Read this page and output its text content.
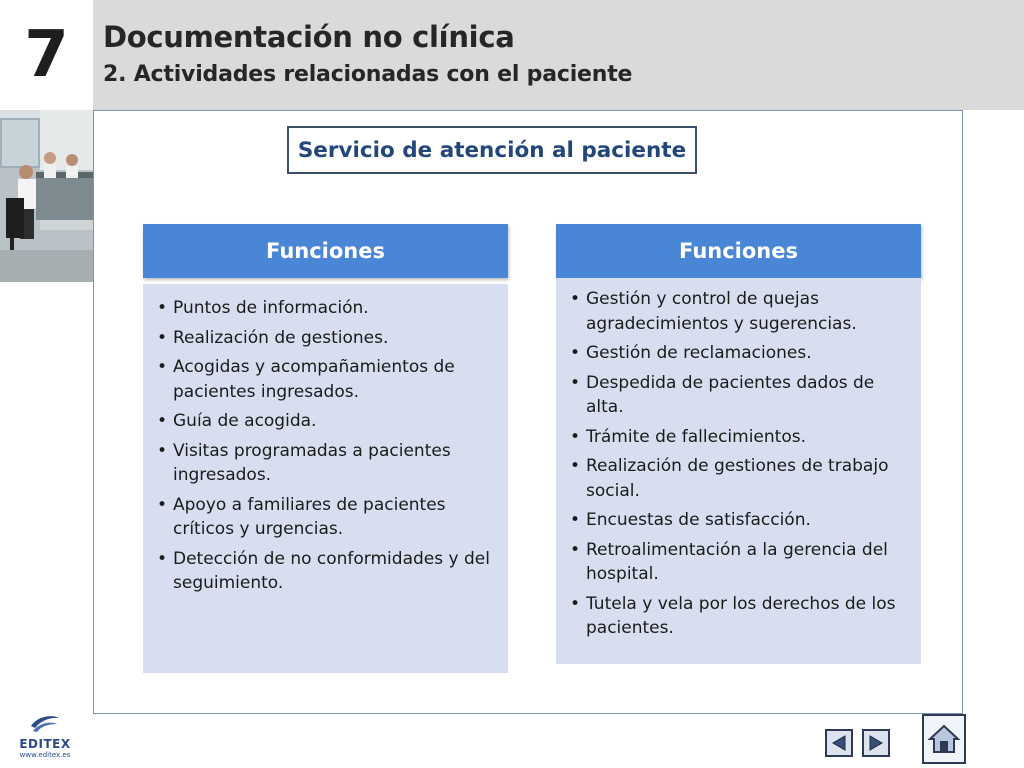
7	Documentación no clínica
2. Actividades relacionadas con el paciente
Servicio de atención al paciente
Funciones
• Puntos de información.
• Realización de gestiones.
• Acogidas y acompañamientos de pacientes ingresados.
• Guía de acogida.
• Visitas programadas a pacientes ingresados.
• Apoyo a familiares de pacientes críticos y urgencias.
• Detección de no conformidades y del seguimiento.
Funciones
• Gestión y control de quejas agradecimientos y sugerencias.
• Gestión de reclamaciones.
• Despedida de pacientes dados de alta.
• Trámite de fallecimientos.
• Realización de gestiones de trabajo social.
• Encuestas de satisfacción.
• Retroalimentación a la gerencia del hospital.
• Tutela y vela por los derechos de los pacientes.
EDITEX
www.editex.es
